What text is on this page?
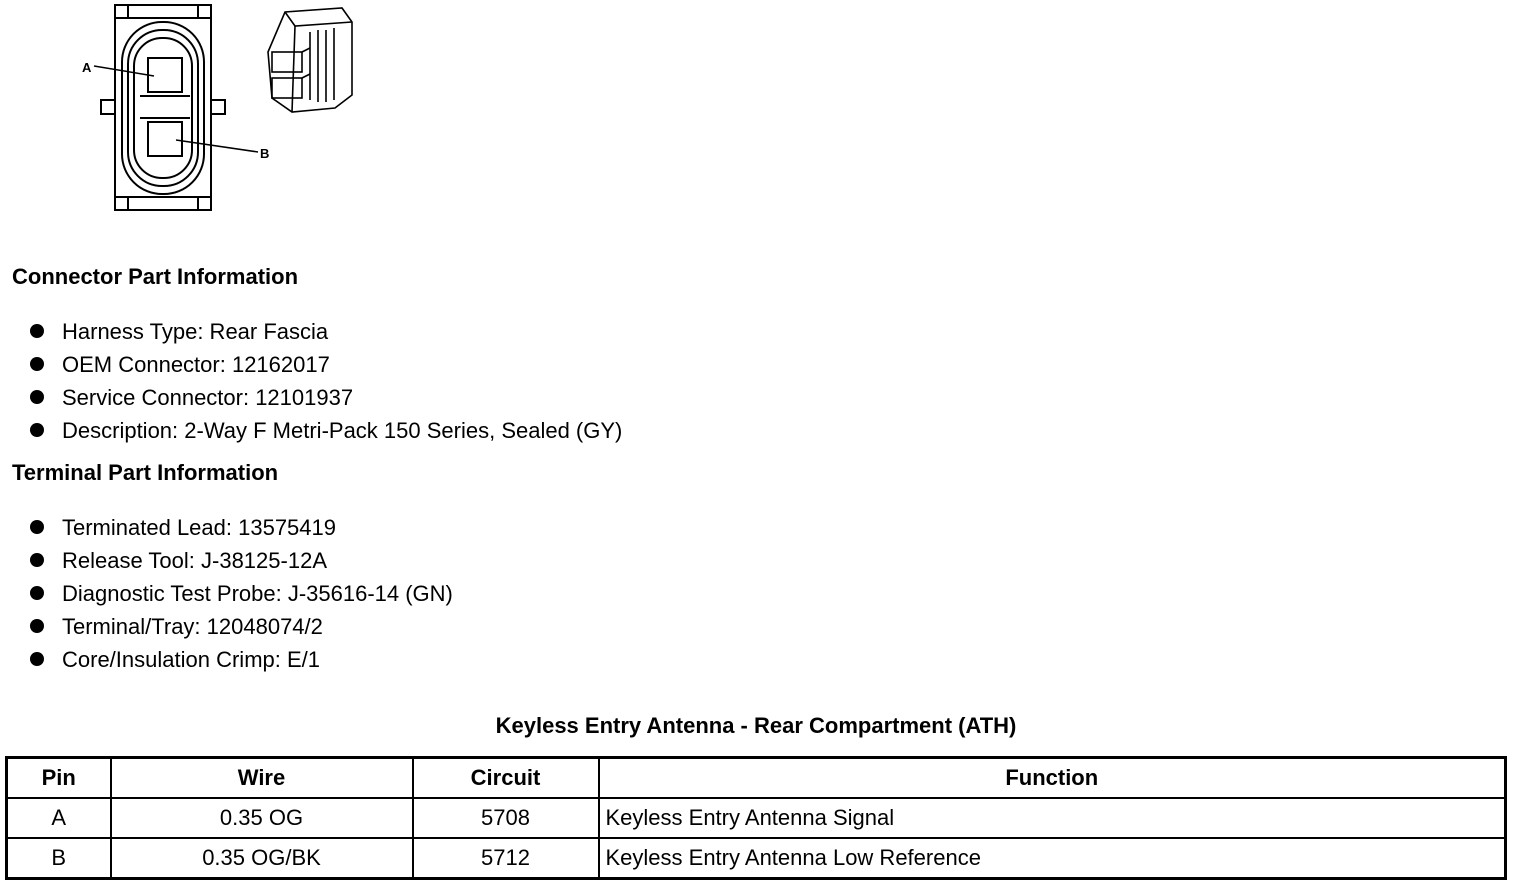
A
B
Connector Part Information
Harness Type: Rear Fascia
OEM Connector: 12162017
Service Connector: 12101937
Description: 2-Way F Metri-Pack 150 Series, Sealed (GY)
Terminal Part Information
Terminated Lead: 13575419
Release Tool: J-38125-12A
Diagnostic Test Probe: J-35616-14 (GN)
Terminal/Tray: 12048074/2
Core/Insulation Crimp: E/1
Keyless Entry Antenna - Rear Compartment (ATH)
Pin	Wire	Circuit	Function
A	0.35 OG	5708	Keyless Entry Antenna Signal
B	0.35 OG/BK	5712	Keyless Entry Antenna Low Reference
